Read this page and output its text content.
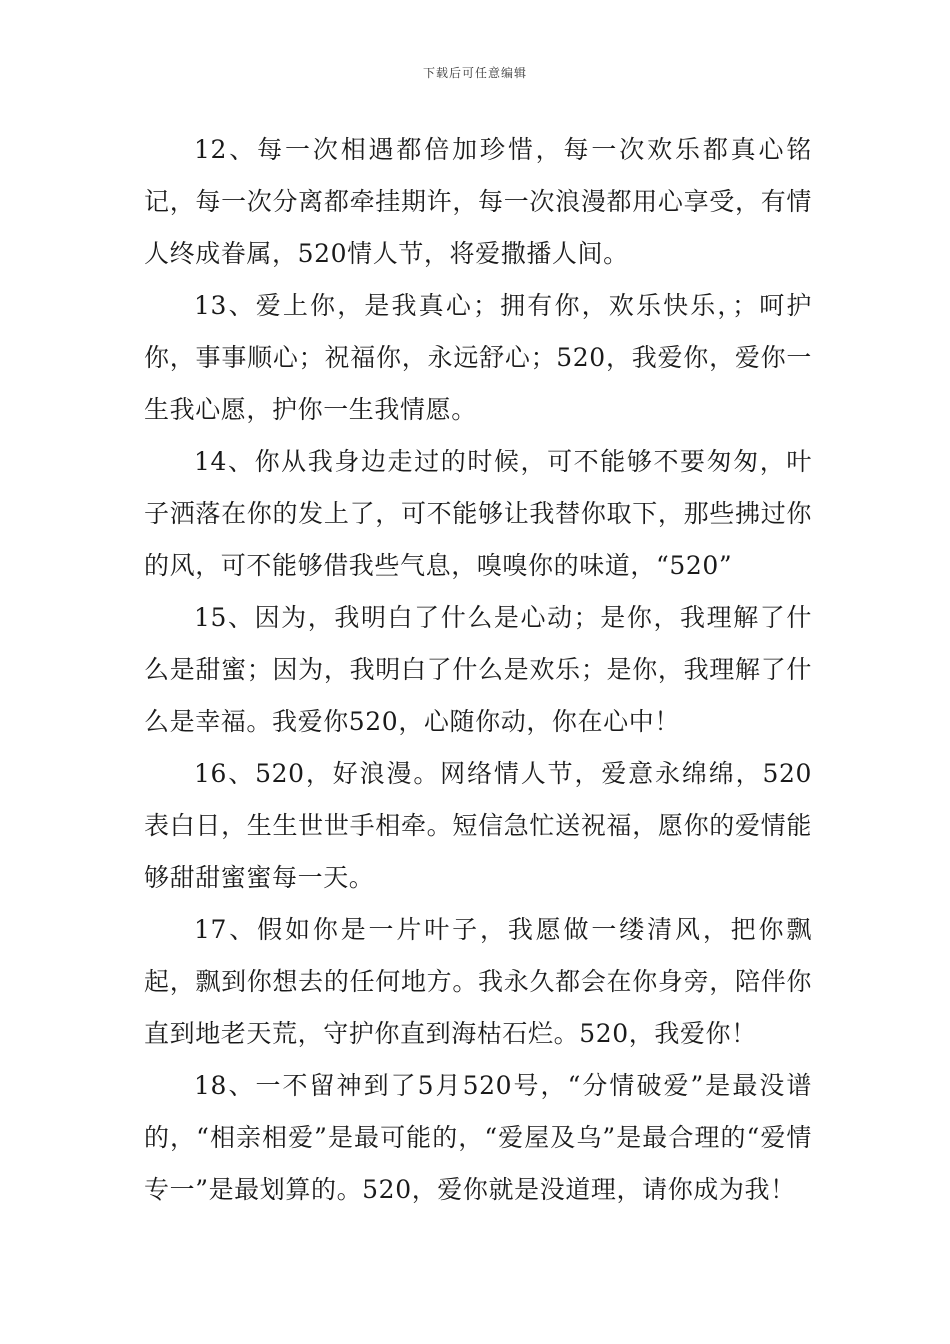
下载后可任意编辑

12、每一次相遇都倍加珍惜，每一次欢乐都真心铭记，每一次分离都牵挂期许，每一次浪漫都用心享受，有情人终成眷属，520情人节，将爱撒播人间。

13、爱上你，是我真心；拥有你，欢乐快乐，；呵护你，事事顺心；祝福你，永远舒心；520，我爱你，爱你一生我心愿，护你一生我情愿。

14、你从我身边走过的时候，可不能够不要匆匆，叶子洒落在你的发上了，可不能够让我替你取下，那些拂过你的风，可不能够借我些气息，嗅嗅你的味道，“520”

15、因为，我明白了什么是心动；是你，我理解了什么是甜蜜；因为，我明白了什么是欢乐；是你，我理解了什么是幸福。我爱你520，心随你动，你在心中！

16、520，好浪漫。网络情人节，爱意永绵绵，520表白日，生生世世手相牵。短信急忙送祝福，愿你的爱情能够甜甜蜜蜜每一天。

17、假如你是一片叶子，我愿做一缕清风，把你飘起，飘到你想去的任何地方。我永久都会在你身旁，陪伴你直到地老天荒，守护你直到海枯石烂。520，我爱你！

18、一不留神到了5月520号，“分情破爱”是最没谱的，“相亲相爱”是最可能的，“爱屋及乌”是最合理的“爱情专一”是最划算的。520，爱你就是没道理，请你成为我！
